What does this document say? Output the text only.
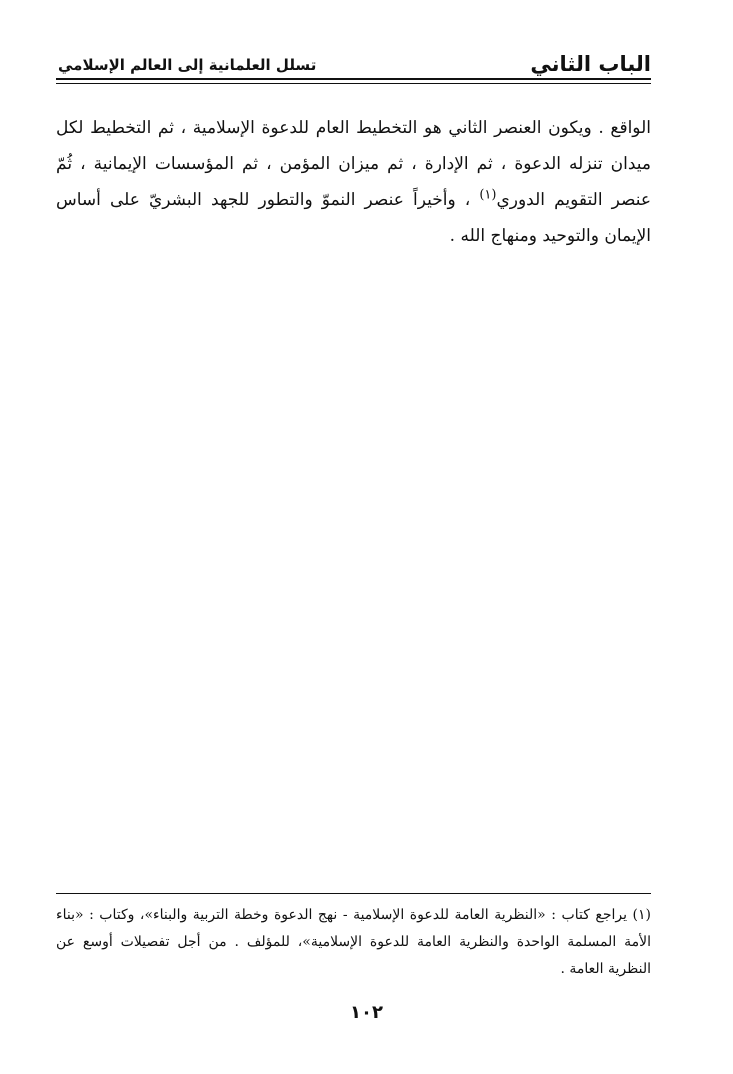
الباب الثاني
تسلل العلمانية إلى العالم الإسلامي

الواقع . ويكون العنصر الثاني هو التخطيط العام للدعوة الإسلامية ، ثم التخطيط لكل ميدان تنزله الدعوة ، ثم الإدارة ، ثم ميزان المؤمن ، ثم المؤسسات الإيمانية ، ثُمّ عنصر التقويم الدوري$^{(١)}$ ، وأخيراً عنصر النموّ والتطور للجهد البشريّ على أساس الإيمان والتوحيد ومنهاج الله .

(١) يراجع كتاب : «النظرية العامة للدعوة الإسلامية - نهج الدعوة وخطة التربية والبناء»، وكتاب : «بناء الأمة المسلمة الواحدة والنظرية العامة للدعوة الإسلامية»، للمؤلف . من أجل تفصيلات أوسع عن النظرية العامة .

١٠٢
